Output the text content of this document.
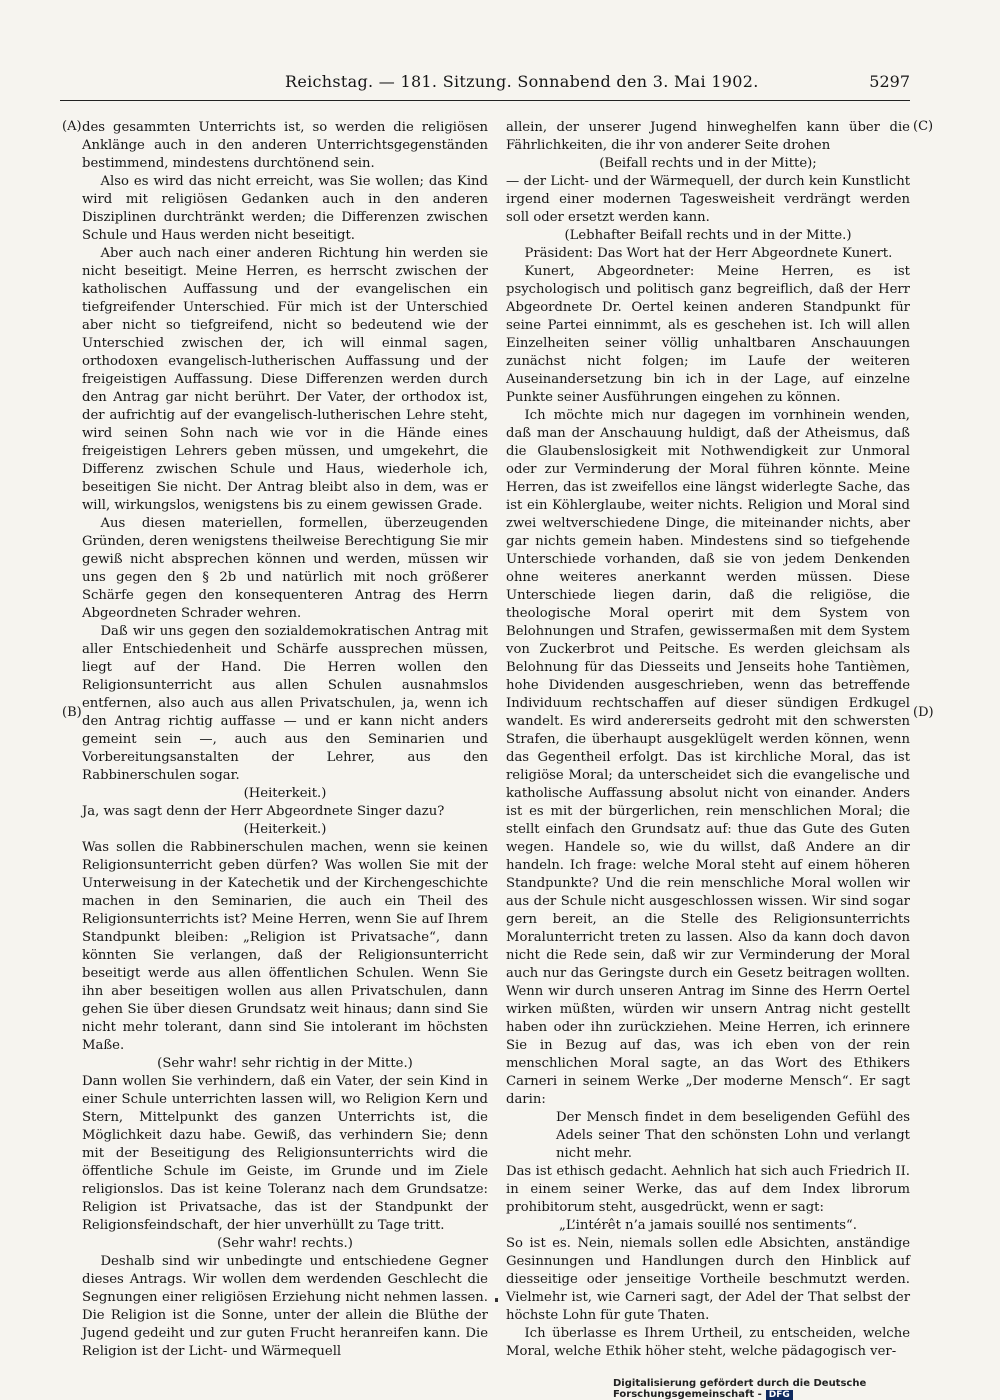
Reichstag. — 181. Sitzung. Sonnabend den 3. Mai 1902.	5297
(A)
(B)
(C)
(D)

des gesammten Unterrichts ist, so werden die religiösen Anklänge auch in den anderen Unterrichtsgegenständen bestimmend, mindestens durchtönend sein.

Also es wird das nicht erreicht, was Sie wollen; das Kind wird mit religiösen Gedanken auch in den anderen Disziplinen durchtränkt werden; die Differenzen zwischen Schule und Haus werden nicht beseitigt.

Aber auch nach einer anderen Richtung hin werden sie nicht beseitigt. Meine Herren, es herrscht zwischen der katholischen Auffassung und der evangelischen ein tiefgreifender Unterschied. Für mich ist der Unterschied aber nicht so tiefgreifend, nicht so bedeutend wie der Unterschied zwischen der, ich will einmal sagen, orthodoxen evangelisch-lutherischen Auffassung und der freigeistigen Auffassung. Diese Differenzen werden durch den Antrag gar nicht berührt. Der Vater, der orthodox ist, der aufrichtig auf der evangelisch-lutherischen Lehre steht, wird seinen Sohn nach wie vor in die Hände eines freigeistigen Lehrers geben müssen, und umgekehrt, die Differenz zwischen Schule und Haus, wiederhole ich, beseitigen Sie nicht. Der Antrag bleibt also in dem, was er will, wirkungslos, wenigstens bis zu einem gewissen Grade.

Aus diesen materiellen, formellen, überzeugenden Gründen, deren wenigstens theilweise Berechtigung Sie mir gewiß nicht absprechen können und werden, müssen wir uns gegen den § 2b und natürlich mit noch größerer Schärfe gegen den konsequenteren Antrag des Herrn Abgeordneten Schrader wehren.

Daß wir uns gegen den sozialdemokratischen Antrag mit aller Entschiedenheit und Schärfe aussprechen müssen, liegt auf der Hand. Die Herren wollen den Religionsunterricht aus allen Schulen ausnahmslos entfernen, also auch aus allen Privatschulen, ja, wenn ich den Antrag richtig auffasse — und er kann nicht anders gemeint sein —, auch aus den Seminarien und Vorbereitungsanstalten der Lehrer, aus den Rabbinerschulen sogar.

(Heiterkeit.)

Ja, was sagt denn der Herr Abgeordnete Singer dazu?

(Heiterkeit.)

Was sollen die Rabbinerschulen machen, wenn sie keinen Religionsunterricht geben dürfen? Was wollen Sie mit der Unterweisung in der Katechetik und der Kirchengeschichte machen in den Seminarien, die auch ein Theil des Religionsunterrichts ist? Meine Herren, wenn Sie auf Ihrem Standpunkt bleiben: „Religion ist Privatsache“, dann könnten Sie verlangen, daß der Religionsunterricht beseitigt werde aus allen öffentlichen Schulen. Wenn Sie ihn aber beseitigen wollen aus allen Privatschulen, dann gehen Sie über diesen Grundsatz weit hinaus; dann sind Sie nicht mehr tolerant, dann sind Sie intolerant im höchsten Maße.

(Sehr wahr! sehr richtig in der Mitte.)

Dann wollen Sie verhindern, daß ein Vater, der sein Kind in einer Schule unterrichten lassen will, wo Religion Kern und Stern, Mittelpunkt des ganzen Unterrichts ist, die Möglichkeit dazu habe. Gewiß, das verhindern Sie; denn mit der Beseitigung des Religionsunterrichts wird die öffentliche Schule im Geiste, im Grunde und im Ziele religionslos. Das ist keine Toleranz nach dem Grundsatze: Religion ist Privatsache, das ist der Standpunkt der Religionsfeindschaft, der hier unverhüllt zu Tage tritt.

(Sehr wahr! rechts.)

Deshalb sind wir unbedingte und entschiedene Gegner dieses Antrags. Wir wollen dem werdenden Geschlecht die Segnungen einer religiösen Erziehung nicht nehmen lassen. Die Religion ist die Sonne, unter der allein die Blüthe der Jugend gedeiht und zur guten Frucht heranreifen kann. Die Religion ist der Licht- und Wärmequell

allein, der unserer Jugend hinweghelfen kann über die Fährlichkeiten, die ihr von anderer Seite drohen

(Beifall rechts und in der Mitte);

— der Licht- und der Wärmequell, der durch kein Kunstlicht irgend einer modernen Tagesweisheit verdrängt werden soll oder ersetzt werden kann.

(Lebhafter Beifall rechts und in der Mitte.)

Präsident: Das Wort hat der Herr Abgeordnete Kunert.

Kunert, Abgeordneter: Meine Herren, es ist psychologisch und politisch ganz begreiflich, daß der Herr Abgeordnete Dr. Oertel keinen anderen Standpunkt für seine Partei einnimmt, als es geschehen ist. Ich will allen Einzelheiten seiner völlig unhaltbaren Anschauungen zunächst nicht folgen; im Laufe der weiteren Auseinandersetzung bin ich in der Lage, auf einzelne Punkte seiner Ausführungen eingehen zu können.

Ich möchte mich nur dagegen im vornhinein wenden, daß man der Anschauung huldigt, daß der Atheismus, daß die Glaubenslosigkeit mit Nothwendigkeit zur Unmoral oder zur Verminderung der Moral führen könnte. Meine Herren, das ist zweifellos eine längst widerlegte Sache, das ist ein Köhlerglaube, weiter nichts. Religion und Moral sind zwei weltverschiedene Dinge, die miteinander nichts, aber gar nichts gemein haben. Mindestens sind so tiefgehende Unterschiede vorhanden, daß sie von jedem Denkenden ohne weiteres anerkannt werden müssen. Diese Unterschiede liegen darin, daß die religiöse, die theologische Moral operirt mit dem System von Belohnungen und Strafen, gewissermaßen mit dem System von Zuckerbrot und Peitsche. Es werden gleichsam als Belohnung für das Diesseits und Jenseits hohe Tantièmen, hohe Dividenden ausgeschrieben, wenn das betreffende Individuum rechtschaffen auf dieser sündigen Erdkugel wandelt. Es wird andererseits gedroht mit den schwersten Strafen, die überhaupt ausgeklügelt werden können, wenn das Gegentheil erfolgt. Das ist kirchliche Moral, das ist religiöse Moral; da unterscheidet sich die evangelische und katholische Auffassung absolut nicht von einander. Anders ist es mit der bürgerlichen, rein menschlichen Moral; die stellt einfach den Grundsatz auf: thue das Gute des Guten wegen. Handele so, wie du willst, daß Andere an dir handeln. Ich frage: welche Moral steht auf einem höheren Standpunkte? Und die rein menschliche Moral wollen wir aus der Schule nicht ausgeschlossen wissen. Wir sind sogar gern bereit, an die Stelle des Religionsunterrichts Moralunterricht treten zu lassen. Also da kann doch davon nicht die Rede sein, daß wir zur Verminderung der Moral auch nur das Geringste durch ein Gesetz beitragen wollten. Wenn wir durch unseren Antrag im Sinne des Herrn Oertel wirken müßten, würden wir unsern Antrag nicht gestellt haben oder ihn zurückziehen. Meine Herren, ich erinnere Sie in Bezug auf das, was ich eben von der rein menschlichen Moral sagte, an das Wort des Ethikers Carneri in seinem Werke „Der moderne Mensch“. Er sagt darin:

Der Mensch findet in dem beseligenden Gefühl des Adels seiner That den schönsten Lohn und verlangt nicht mehr.

Das ist ethisch gedacht. Aehnlich hat sich auch Friedrich II. in einem seiner Werke, das auf dem Index librorum prohibitorum steht, ausgedrückt, wenn er sagt:

„L’intérêt n’a jamais souillé nos sentiments“.

So ist es. Nein, niemals sollen edle Absichten, anständige Gesinnungen und Handlungen durch den Hinblick auf diesseitige oder jenseitige Vortheile beschmutzt werden. Vielmehr ist, wie Carneri sagt, der Adel der That selbst der höchste Lohn für gute Thaten.

Ich überlasse es Ihrem Urtheil, zu entscheiden, welche Moral, welche Ethik höher steht, welche pädagogisch ver-

Digitalisierung gefördert durch die Deutsche Forschungsgemeinschaft - DFG
